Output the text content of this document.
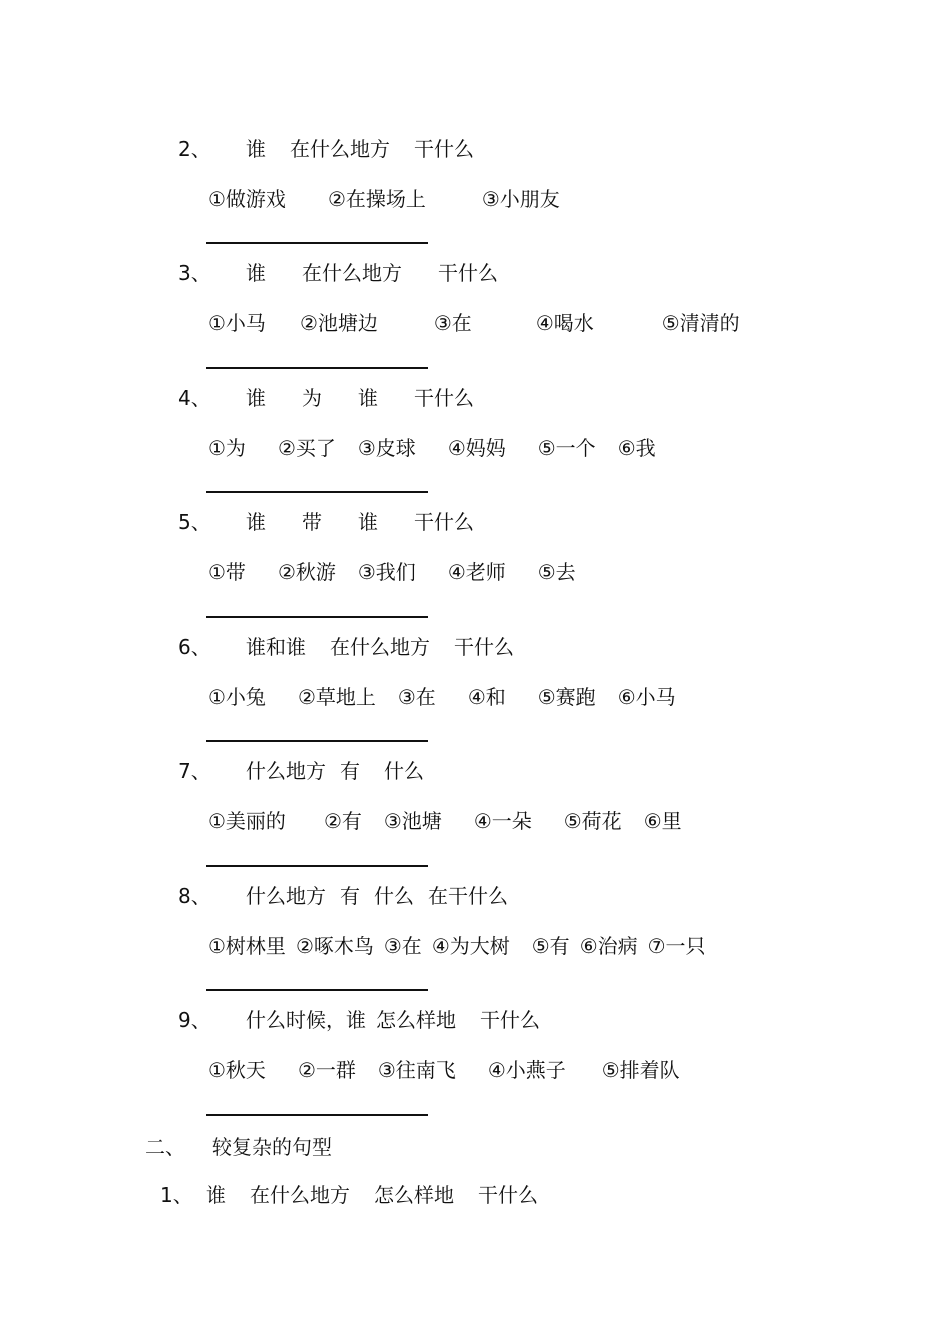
2、 谁 在什么地方 干什么
①做游戏 ②在操场上	③小朋友
3、 谁 在什么地方 干什么
①小马 ②池塘边	③在	④喝水	⑤清清的
4、 谁 为 谁 干什么
①为 ②买了 ③皮球 ④妈妈 ⑤一个 ⑥我
5、 谁 带 谁 干什么
①带 ②秋游 ③我们 ④老师 ⑤去
6、 谁和谁 在什么地方 干什么
①小兔 ②草地上 ③在 ④和 ⑤赛跑 ⑥小马
7、 什么地方 有 什么
①美丽的 ②有 ③池塘 ④一朵 ⑤荷花 ⑥里
8、 什么地方 有 什么 在干什么
①树林里 ②啄木鸟 ③在 ④为大树 ⑤有 ⑥治病 ⑦一只
9、 什么时候，谁 怎么样地 干什么
①秋天 ②一群 ③往南飞 ④小燕子 ⑤排着队
二、 较复杂的句型
1、 谁 在什么地方 怎么样地 干什么
